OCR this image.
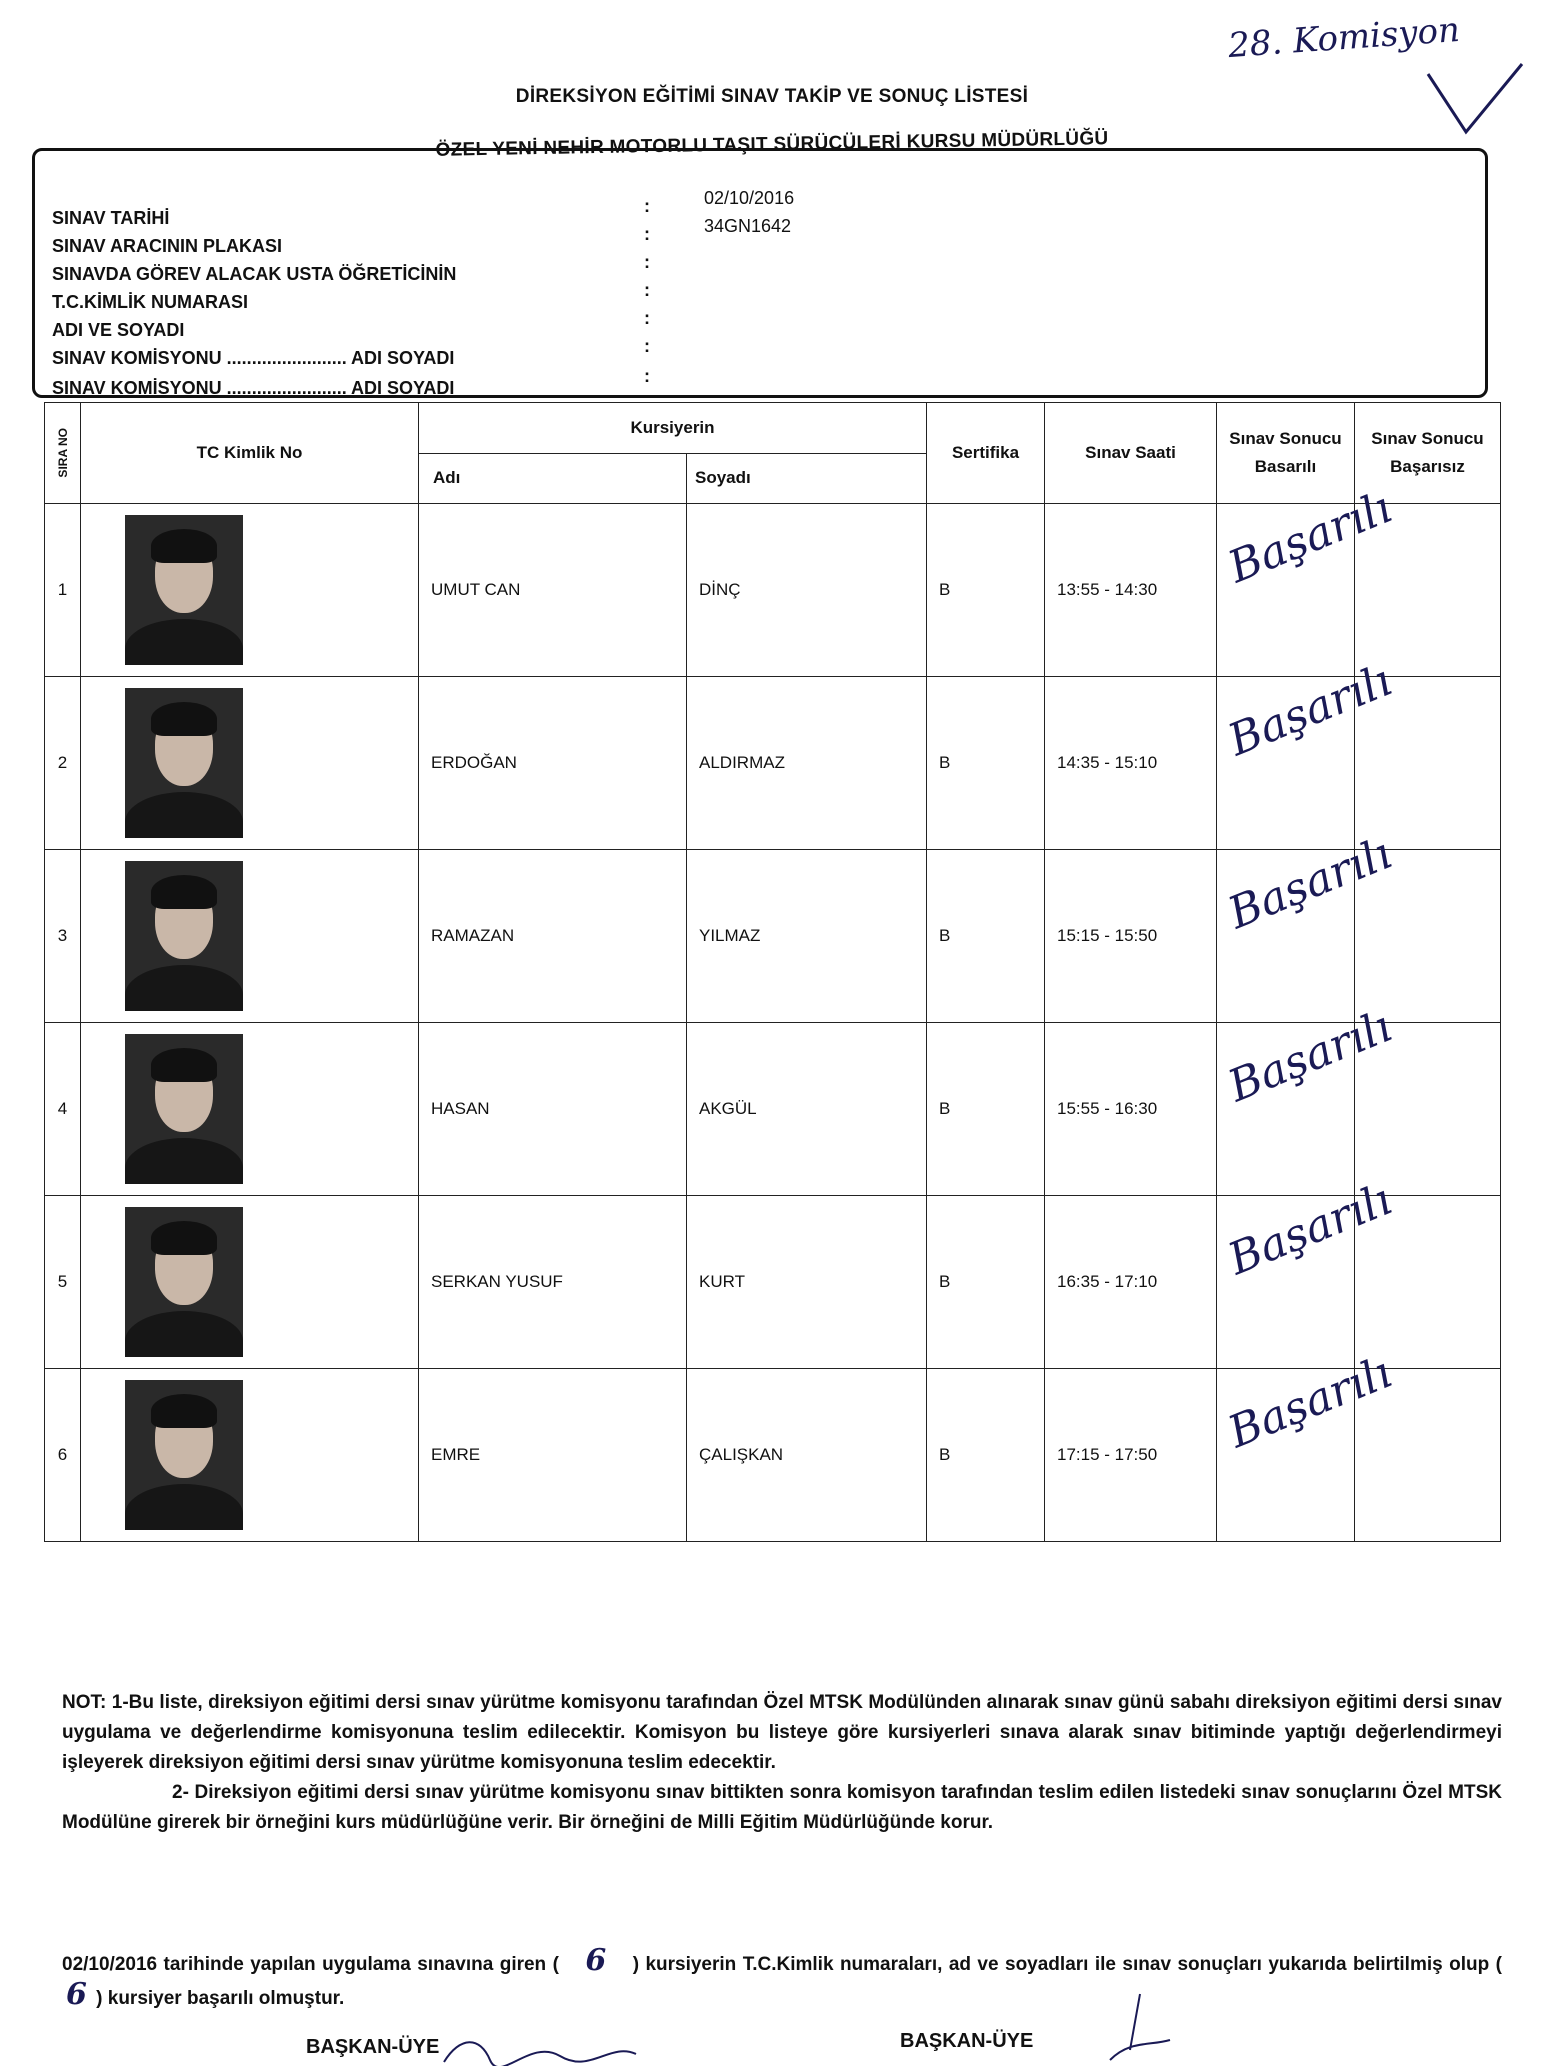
28. Komisyon
DİREKSİYON EĞİTİMİ SINAV TAKİP VE SONUÇ LİSTESİ
ÖZEL YENİ NEHİR MOTORLU TAŞIT SÜRÜCÜLERİ KURSU MÜDÜRLÜĞÜ
SINAV TARİHİ
:	02/10/2016
SINAV ARACININ PLAKASI
:	34GN1642
SINAVDA GÖREV ALACAK USTA ÖĞRETİCİNİN
:
T.C.KİMLİK NUMARASI
:
ADI VE SOYADI
:
SINAV KOMİSYONU ........................ ADI SOYADI
:
SINAV KOMİSYONU ........................ ADI SOYADI
:
SIRA NO	TC Kimlik No	Kursiyerin		Sertifika	Sınav Saati	Sınav Sonucu Basarılı	Sınav Sonucu Başarısız
		Adı	Soyadı				
1		UMUT CAN	DİNÇ	B	13:55 - 14:30	Başarılı	

2		ERDOĞAN	ALDIRMAZ	B	14:35 - 15:10	Başarılı	

3		RAMAZAN	YILMAZ	B	15:15 - 15:50	Başarılı	

4		HASAN	AKGÜL	B	15:55 - 16:30	Başarılı	

5		SERKAN YUSUF	KURT	B	16:35 - 17:10	Başarılı	

6		EMRE	ÇALIŞKAN	B	17:15 - 17:50	Başarılı	

NOT: 1-Bu liste, direksiyon eğitimi dersi sınav yürütme komisyonu tarafından Özel MTSK Modülünden alınarak sınav günü sabahı direksiyon eğitimi dersi sınav uygulama ve değerlendirme komisyonuna teslim edilecektir. Komisyon bu listeye göre kursiyerleri sınava alarak sınav bitiminde yaptığı değerlendirmeyi işleyerek direksiyon eğitimi dersi sınav yürütme komisyonuna teslim edecektir.

2- Direksiyon eğitimi dersi sınav yürütme komisyonu sınav bittikten sonra komisyon tarafından teslim edilen listedeki sınav sonuçlarını Özel MTSK Modülüne girerek bir örneğini kurs müdürlüğüne verir. Bir örneğini de Milli Eğitim Müdürlüğünde korur.

02/10/2016 tarihinde yapılan uygulama sınavına giren ( 6 ) kursiyerin T.C.Kimlik numaraları, ad ve soyadları ile sınav sonuçları yukarıda belirtilmiş olup ( 6 ) kursiyer başarılı olmuştur.
BAŞKAN-ÜYE	BAŞKAN-ÜYE
